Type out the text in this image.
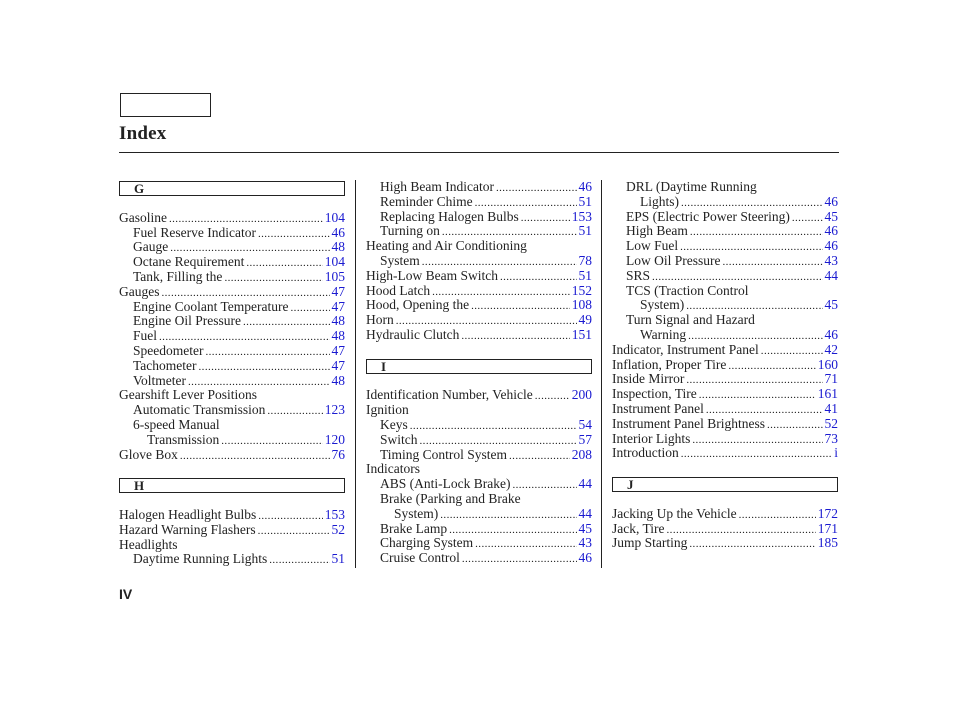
Index
G
Gasoline .....	104
Fuel Reserve Indicator .....	46
Gauge .....	48
Octane Requirement .....	104
Tank, Filling the .....	105
Gauges .....	47
Engine Coolant Temperature .....	47
Engine Oil Pressure .....	48
Fuel .....	48
Speedometer .....	47
Tachometer .....	47
Voltmeter .....	48
Gearshift Lever Positions
Automatic Transmission .....	123
6-speed Manual
Transmission .....	120
Glove Box .....	76
H
Halogen Headlight Bulbs .....	153
Hazard Warning Flashers .....	52
Headlights
Daytime Running Lights .....	51
High Beam Indicator .....	46
Reminder Chime .....	51
Replacing Halogen Bulbs .....	153
Turning on .....	51
Heating and Air Conditioning
System .....	78
High-Low Beam Switch .....	51
Hood Latch .....	152
Hood, Opening the .....	108
Horn .....	49
Hydraulic Clutch .....	151
I
Identification Number, Vehicle .....	200
Ignition
Keys .....	54
Switch .....	57
Timing Control System .....	208
Indicators
ABS (Anti-Lock Brake) .....	44
Brake (Parking and Brake
System) .....	44
Brake Lamp .....	45
Charging System .....	43
Cruise Control .....	46
DRL (Daytime Running
Lights) .....	46
EPS (Electric Power Steering) .....	45
High Beam .....	46
Low Fuel .....	46
Low Oil Pressure .....	43
SRS .....	44
TCS (Traction Control
System) .....	45
Turn Signal and Hazard
Warning .....	46
Indicator, Instrument Panel .....	42
Inflation, Proper Tire .....	160
Inside Mirror .....	71
Inspection, Tire .....	161
Instrument Panel .....	41
Instrument Panel Brightness .....	52
Interior Lights .....	73
Introduction .....	i
J
Jacking Up the Vehicle .....	172
Jack, Tire .....	171
Jump Starting .....	185
IV
